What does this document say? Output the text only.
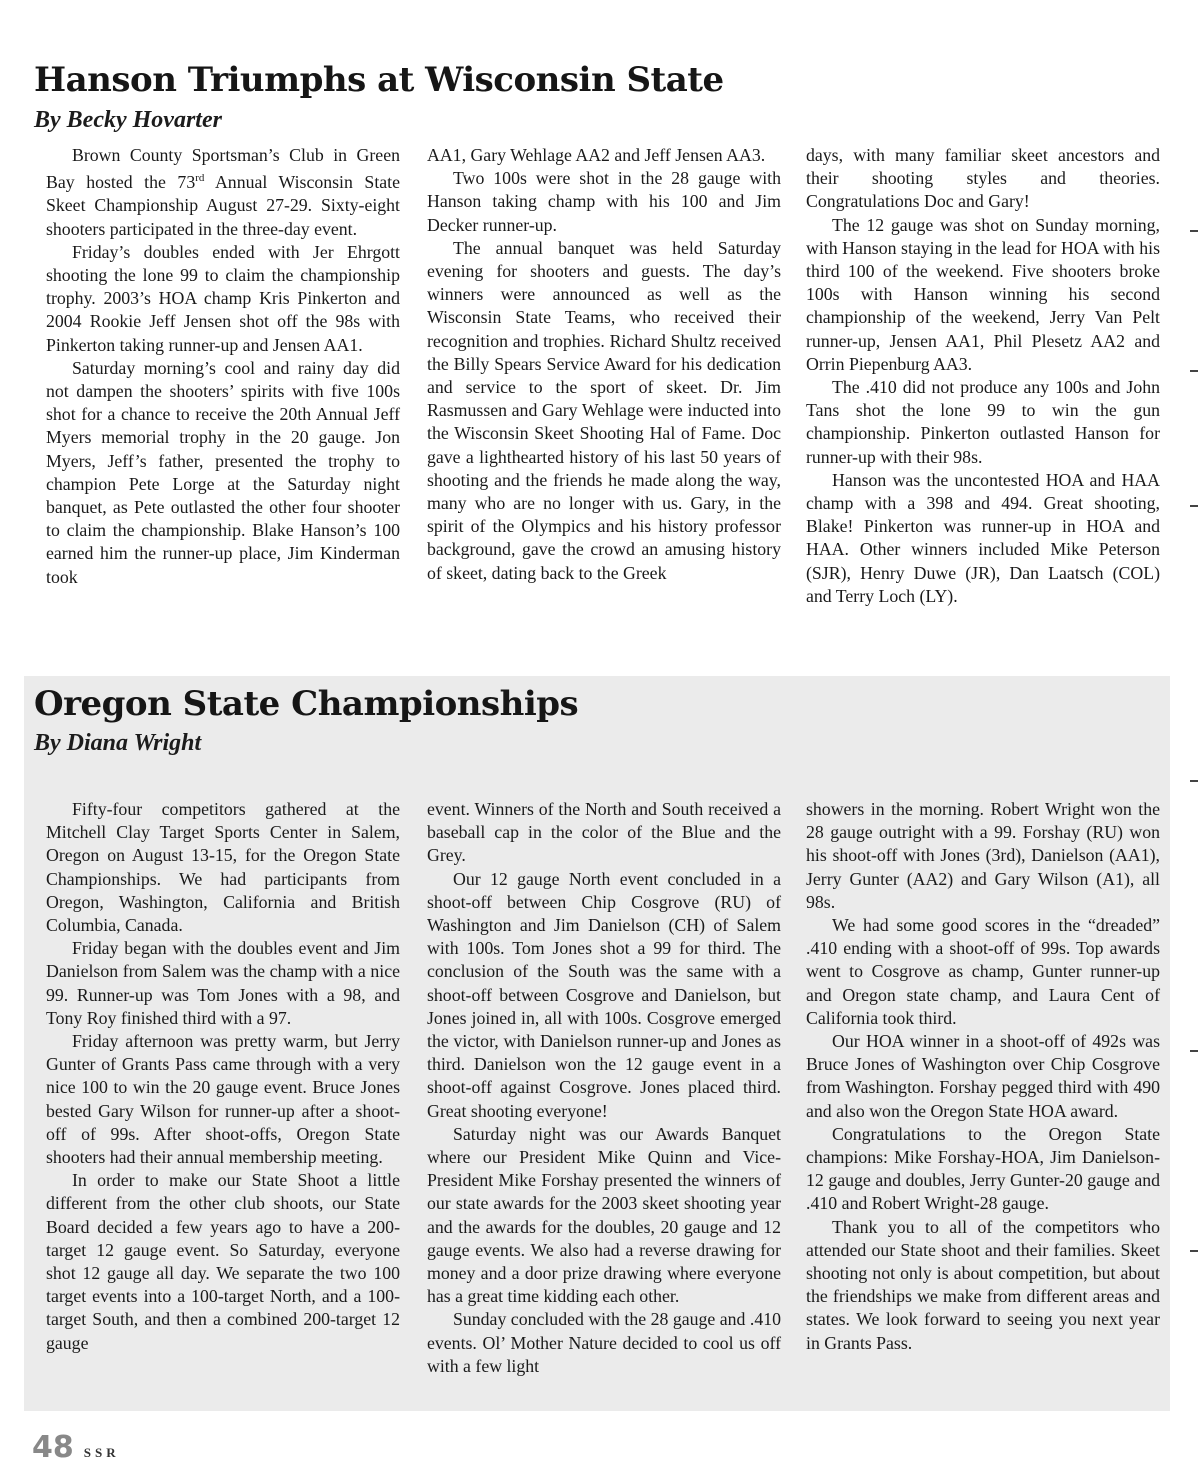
Hanson Triumphs at Wisconsin State
By Becky Hovarter

Brown County Sportsman’s Club in Green Bay hosted the 73rd Annual Wisconsin State Skeet Championship August 27-29. Sixty-eight shooters participated in the three-day event.

Friday’s doubles ended with Jer Ehrgott shooting the lone 99 to claim the championship trophy. 2003’s HOA champ Kris Pinkerton and 2004 Rookie Jeff Jensen shot off the 98s with Pinkerton taking runner-up and Jensen AA1.

Saturday morning’s cool and rainy day did not dampen the shooters’ spirits with five 100s shot for a chance to receive the 20th Annual Jeff Myers memorial trophy in the 20 gauge. Jon Myers, Jeff’s father, presented the trophy to champion Pete Lorge at the Saturday night banquet, as Pete outlasted the other four shooter to claim the championship. Blake Hanson’s 100 earned him the runner-up place, Jim Kinderman took

AA1, Gary Wehlage AA2 and Jeff Jensen AA3.

Two 100s were shot in the 28 gauge with Hanson taking champ with his 100 and Jim Decker runner-up.

The annual banquet was held Saturday evening for shooters and guests. The day’s winners were announced as well as the Wisconsin State Teams, who received their recognition and trophies. Richard Shultz received the Billy Spears Service Award for his dedication and service to the sport of skeet. Dr. Jim Rasmussen and Gary Wehlage were inducted into the Wisconsin Skeet Shooting Hal of Fame. Doc gave a lighthearted history of his last 50 years of shooting and the friends he made along the way, many who are no longer with us. Gary, in the spirit of the Olympics and his history professor background, gave the crowd an amusing history of skeet, dating back to the Greek

days, with many familiar skeet ancestors and their shooting styles and theories. Congratulations Doc and Gary!

The 12 gauge was shot on Sunday morning, with Hanson staying in the lead for HOA with his third 100 of the weekend. Five shooters broke 100s with Hanson winning his second championship of the weekend, Jerry Van Pelt runner-up, Jensen AA1, Phil Plesetz AA2 and Orrin Piepenburg AA3.

The .410 did not produce any 100s and John Tans shot the lone 99 to win the gun championship. Pinkerton outlasted Hanson for runner-up with their 98s.

Hanson was the uncontested HOA and HAA champ with a 398 and 494. Great shooting, Blake! Pinkerton was runner-up in HOA and HAA. Other winners included Mike Peterson (SJR), Henry Duwe (JR), Dan Laatsch (COL) and Terry Loch (LY).

Oregon State Championships
By Diana Wright

Fifty-four competitors gathered at the Mitchell Clay Target Sports Center in Salem, Oregon on August 13-15, for the Oregon State Championships. We had participants from Oregon, Washington, California and British Columbia, Canada.

Friday began with the doubles event and Jim Danielson from Salem was the champ with a nice 99. Runner-up was Tom Jones with a 98, and Tony Roy finished third with a 97.

Friday afternoon was pretty warm, but Jerry Gunter of Grants Pass came through with a very nice 100 to win the 20 gauge event. Bruce Jones bested Gary Wilson for runner-up after a shoot-off of 99s. After shoot-offs, Oregon State shooters had their annual membership meeting.

In order to make our State Shoot a little different from the other club shoots, our State Board decided a few years ago to have a 200-target 12 gauge event. So Saturday, everyone shot 12 gauge all day. We separate the two 100 target events into a 100-target North, and a 100-target South, and then a combined 200-target 12 gauge

event. Winners of the North and South received a baseball cap in the color of the Blue and the Grey.

Our 12 gauge North event concluded in a shoot-off between Chip Cosgrove (RU) of Washington and Jim Danielson (CH) of Salem with 100s. Tom Jones shot a 99 for third. The conclusion of the South was the same with a shoot-off between Cosgrove and Danielson, but Jones joined in, all with 100s. Cosgrove emerged the victor, with Danielson runner-up and Jones as third. Danielson won the 12 gauge event in a shoot-off against Cosgrove. Jones placed third. Great shooting everyone!

Saturday night was our Awards Banquet where our President Mike Quinn and Vice-President Mike Forshay presented the winners of our state awards for the 2003 skeet shooting year and the awards for the doubles, 20 gauge and 12 gauge events. We also had a reverse drawing for money and a door prize drawing where everyone has a great time kidding each other.

Sunday concluded with the 28 gauge and .410 events. Ol’ Mother Nature decided to cool us off with a few light

showers in the morning. Robert Wright won the 28 gauge outright with a 99. Forshay (RU) won his shoot-off with Jones (3rd), Danielson (AA1), Jerry Gunter (AA2) and Gary Wilson (A1), all 98s.

We had some good scores in the “dreaded” .410 ending with a shoot-off of 99s. Top awards went to Cosgrove as champ, Gunter runner-up and Oregon state champ, and Laura Cent of California took third.

Our HOA winner in a shoot-off of 492s was Bruce Jones of Washington over Chip Cosgrove from Washington. Forshay pegged third with 490 and also won the Oregon State HOA award.

Congratulations to the Oregon State champions: Mike Forshay-HOA, Jim Danielson-12 gauge and doubles, Jerry Gunter-20 gauge and .410 and Robert Wright-28 gauge.

Thank you to all of the competitors who attended our State shoot and their families. Skeet shooting not only is about competition, but about the friendships we make from different areas and states. We look forward to seeing you next year in Grants Pass.

48 SSR
